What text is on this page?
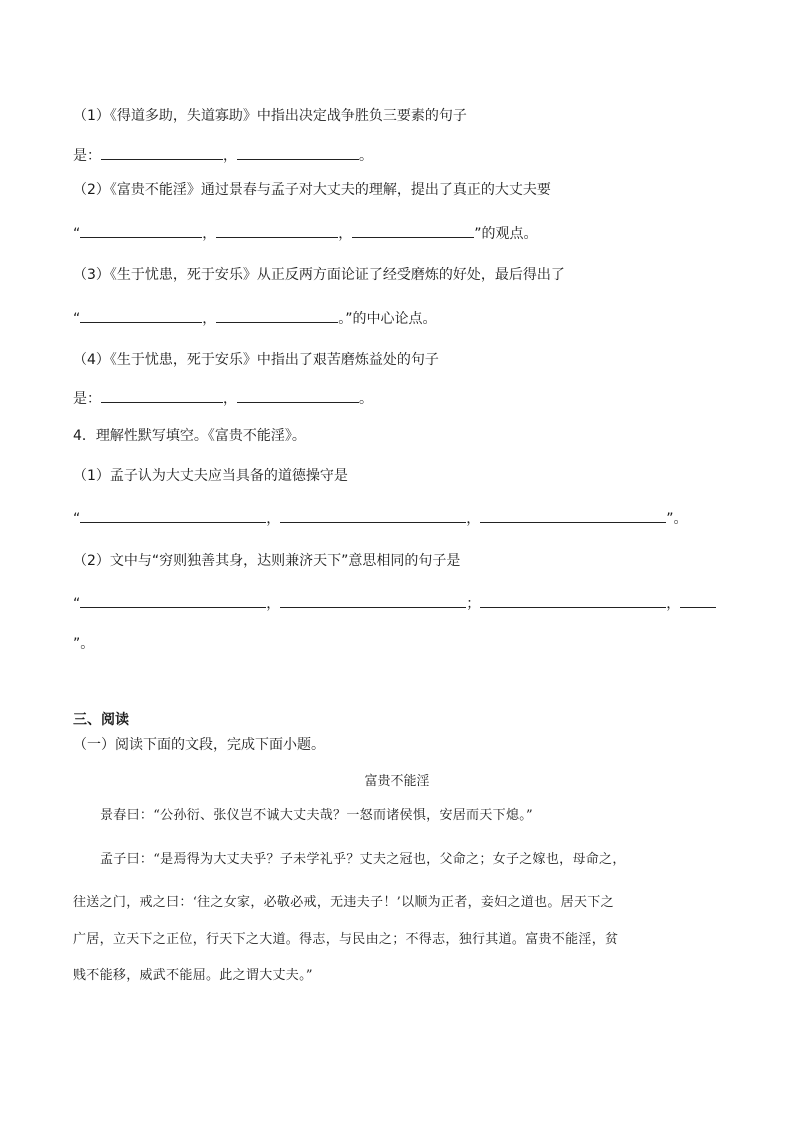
（1）《得道多助，失道寡助》中指出决定战争胜负三要素的句子
是：	，	。
（2）《富贵不能淫》通过景春与孟子对大丈夫的理解，提出了真正的大丈夫要
“	，	，	”的观点。
（3）《生于忧患，死于安乐》从正反两方面论证了经受磨炼的好处，最后得出了
“	，	。”的中心论点。
（4）《生于忧患，死于安乐》中指出了艰苦磨炼益处的句子
是：	，	。
4．理解性默写填空。《富贵不能淫》。
（1）孟子认为大丈夫应当具备的道德操守是
“	，	，	”。
（2）文中与“穷则独善其身，达则兼济天下”意思相同的句子是
“	，	；	，
”。
三、阅读
（一）阅读下面的文段，完成下面小题。
富贵不能淫
景春曰：“公孙衍、张仪岂不诚大丈夫哉？一怒而诸侯惧，安居而天下熄。”
孟子曰：“是焉得为大丈夫乎？子未学礼乎？丈夫之冠也，父命之；女子之嫁也，母命之，
往送之门，戒之曰：‘往之女家，必敬必戒，无违夫子！’以顺为正者，妾妇之道也。居天下之
广居，立天下之正位，行天下之大道。得志，与民由之；不得志，独行其道。富贵不能淫，贫
贱不能移，威武不能屈。此之谓大丈夫。”
